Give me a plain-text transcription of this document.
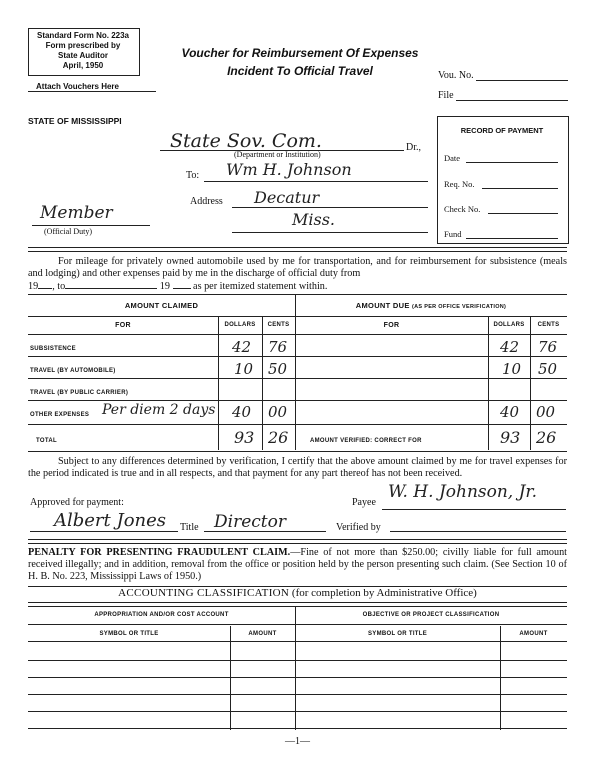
Standard Form No. 223a
Form prescribed by
State Auditor
April, 1950
Attach Vouchers Here
Voucher for Reimbursement Of Expenses
Incident To Official Travel	Vou. No.
File
STATE OF MISSISSIPPI
State Sov. Com.	Dr.,
(Department or Institution)
To: Wm H. Johnson
Address Decatur
Miss.
Member
(Official Duty)
RECORD OF PAYMENT
Date
Req. No.
Check No.
Fund
For mileage for privately owned automobile used by me for transportation, and for reimbursement for subsistence (meals and lodging) and other expenses paid by me in the discharge of official duty from
19 , to	19 as per itemized statement within.
AMOUNT CLAIMED	AMOUNT DUE (AS PER OFFICE VERIFICATION)
FOR	DOLLARS	CENTS	FOR	DOLLARS	CENTS
SUBSISTENCE	42 76	42 76
TRAVEL (BY AUTOMOBILE)	10 50	10 50
TRAVEL (BY PUBLIC CARRIER)
OTHER EXPENSES Per diem 2 days 40 00	40 00
TOTAL	93 26	AMOUNT VERIFIED: CORRECT FOR	93 26
Subject to any differences determined by verification, I certify that the above amount claimed by me for travel expenses for the period indicated is true and in all respects, and that payment for any part thereof has not been received.
Approved for payment:	Payee
W. H. Johnson, Jr.
Albert Jones Title Director	Verified by
PENALTY FOR PRESENTING FRAUDULENT CLAIM.—Fine of not more than $250.00; civilly liable for full amount received illegally; and in addition, removal from the office or position held by the person presenting such claim. (See Section 10 of H. B. No. 223, Mississippi Laws of 1950.)
ACCOUNTING CLASSIFICATION (for completion by Administrative Office)
APPROPRIATION AND/OR COST ACCOUNT	OBJECTIVE OR PROJECT CLASSIFICATION
SYMBOL OR TITLE	AMOUNT	SYMBOL OR TITLE	AMOUNT
—1—
